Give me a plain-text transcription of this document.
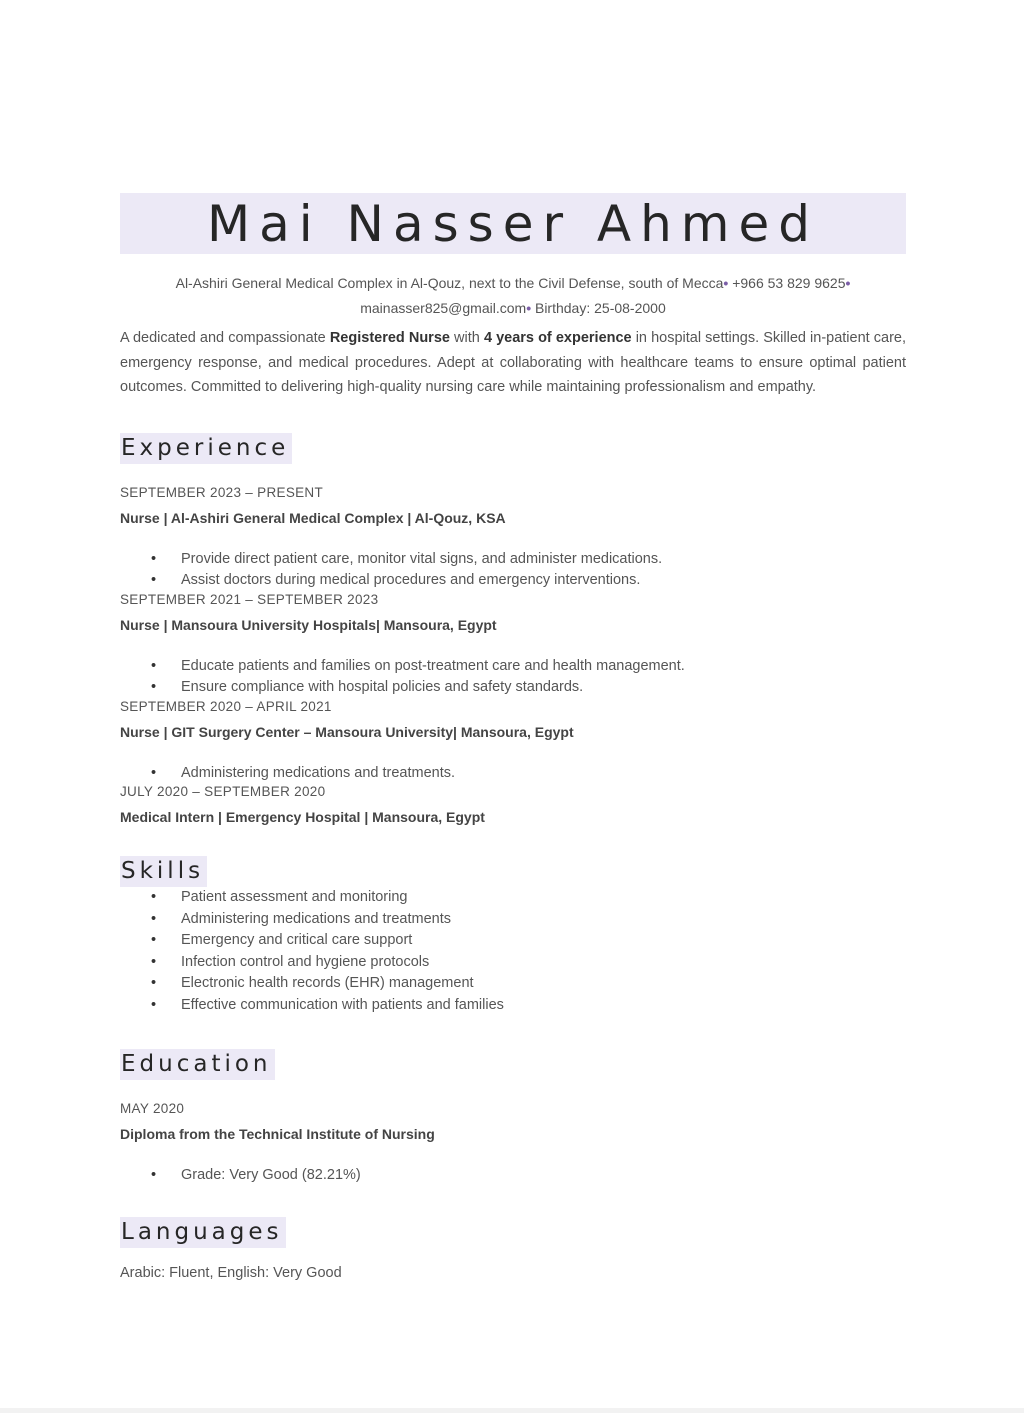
Mai Nasser Ahmed
Al-Ashiri General Medical Complex in Al-Qouz, next to the Civil Defense, south of Mecca• +966 53 829 9625•
mainasser825@gmail.com• Birthday: 25-08-2000
A dedicated and compassionate Registered Nurse with 4 years of experience in hospital settings. Skilled in-patient care, emergency response, and medical procedures. Adept at collaborating with healthcare teams to ensure optimal patient outcomes. Committed to delivering high-quality nursing care while maintaining professionalism and empathy.
Experience
SEPTEMBER 2023 – PRESENT
Nurse | Al-Ashiri General Medical Complex | Al-Qouz, KSA
• Provide direct patient care, monitor vital signs, and administer medications.
• Assist doctors during medical procedures and emergency interventions.
SEPTEMBER 2021 – SEPTEMBER 2023
Nurse | Mansoura University Hospitals| Mansoura, Egypt
• Educate patients and families on post-treatment care and health management.
• Ensure compliance with hospital policies and safety standards.
SEPTEMBER 2020 – APRIL 2021
Nurse | GIT Surgery Center – Mansoura University| Mansoura, Egypt
• Administering medications and treatments.
JULY 2020 – SEPTEMBER 2020
Medical Intern | Emergency Hospital | Mansoura, Egypt
Skills
• Patient assessment and monitoring
• Administering medications and treatments
• Emergency and critical care support
• Infection control and hygiene protocols
• Electronic health records (EHR) management
• Effective communication with patients and families
Education
MAY 2020
Diploma from the Technical Institute of Nursing
• Grade: Very Good (82.21%)
Languages
Arabic: Fluent, English: Very Good
